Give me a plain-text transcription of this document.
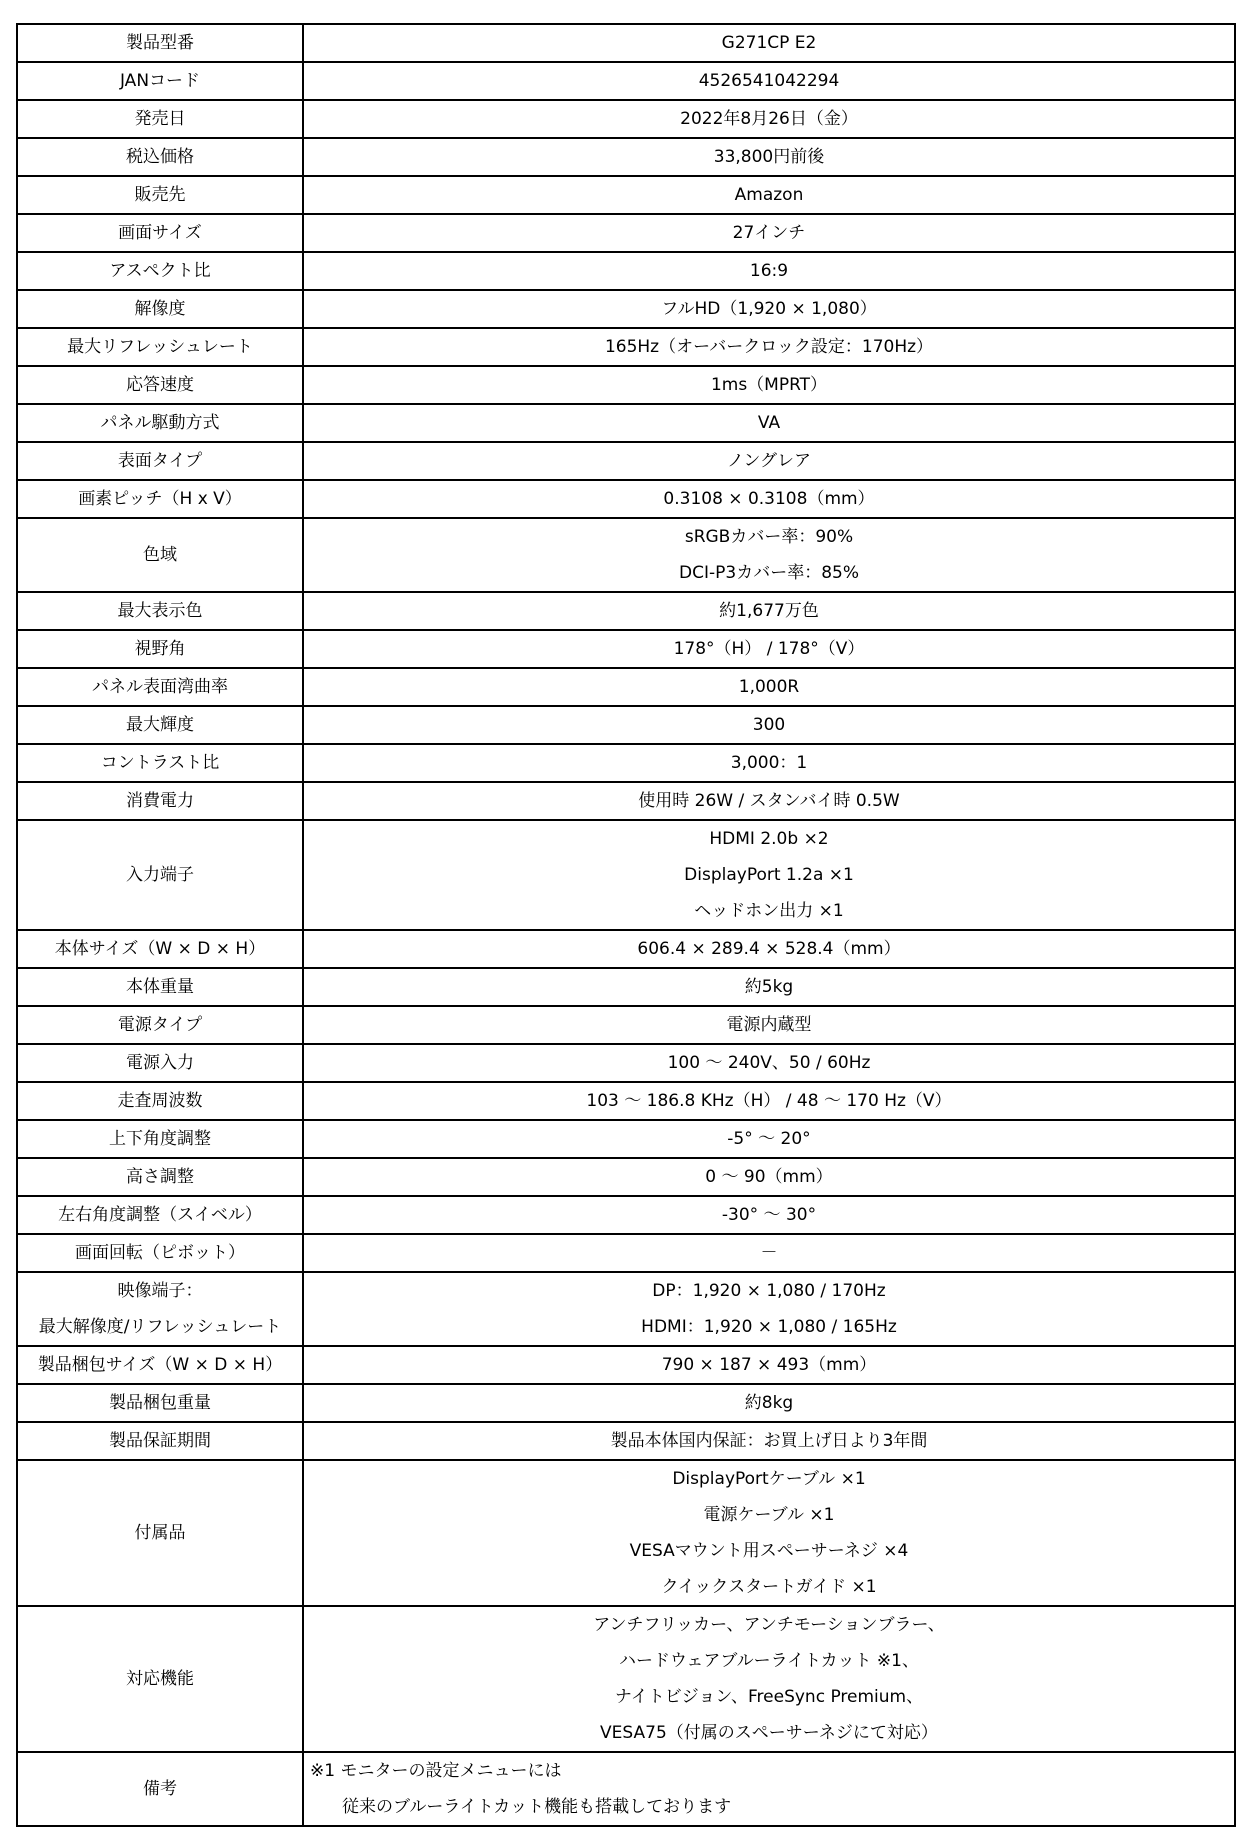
製品型番	G271CP E2

JANコード	4526541042294

発売日	2022年8月26日（金）

税込価格	33,800円前後

販売先	Amazon

画面サイズ	27インチ

アスペクト比	16:9

解像度	フルHD（1,920 × 1,080）

最大リフレッシュレート	165Hz（オーバークロック設定：170Hz）

応答速度	1ms（MPRT）

パネル駆動方式	VA

表面タイプ	ノングレア

画素ピッチ（H x V）	0.3108 × 0.3108（mm）

色域	sRGBカバー率：90%
DCI-P3カバー率：85%

最大表示色	約1,677万色

視野角	178°（H） / 178°（V）

パネル表面湾曲率	1,000R

最大輝度	300

コントラスト比	3,000：1

消費電力	使用時 26W / スタンバイ時 0.5W

入力端子	HDMI 2.0b ×2
DisplayPort 1.2a ×1
ヘッドホン出力 ×1

本体サイズ（W × D × H）	606.4 × 289.4 × 528.4（mm）

本体重量	約5kg

電源タイプ	電源内蔵型

電源入力	100 ～ 240V、50 / 60Hz

走査周波数	103 ～ 186.8 KHz（H） / 48 ～ 170 Hz（V）

上下角度調整	-5° ～ 20°

高さ調整	0 ～ 90（mm）

左右角度調整（スイベル）	-30° ～ 30°

画面回転（ピボット）	－

映像端子：
最大解像度/リフレッシュレート	DP：1,920 × 1,080 / 170Hz
HDMI：1,920 × 1,080 / 165Hz

製品梱包サイズ（W × D × H）	790 × 187 × 493（mm）

製品梱包重量	約8kg

製品保証期間	製品本体国内保証：お買上げ日より3年間

付属品	DisplayPortケーブル ×1
電源ケーブル ×1
VESAマウント用スペーサーネジ ×4
クイックスタートガイド ×1

対応機能	アンチフリッカー、アンチモーションブラー、
ハードウェアブルーライトカット ※1、
ナイトビジョン、FreeSync Premium、
VESA75（付属のスペーサーネジにて対応）

備考	※1 モニターの設定メニューには
従来のブルーライトカット機能も搭載しております
